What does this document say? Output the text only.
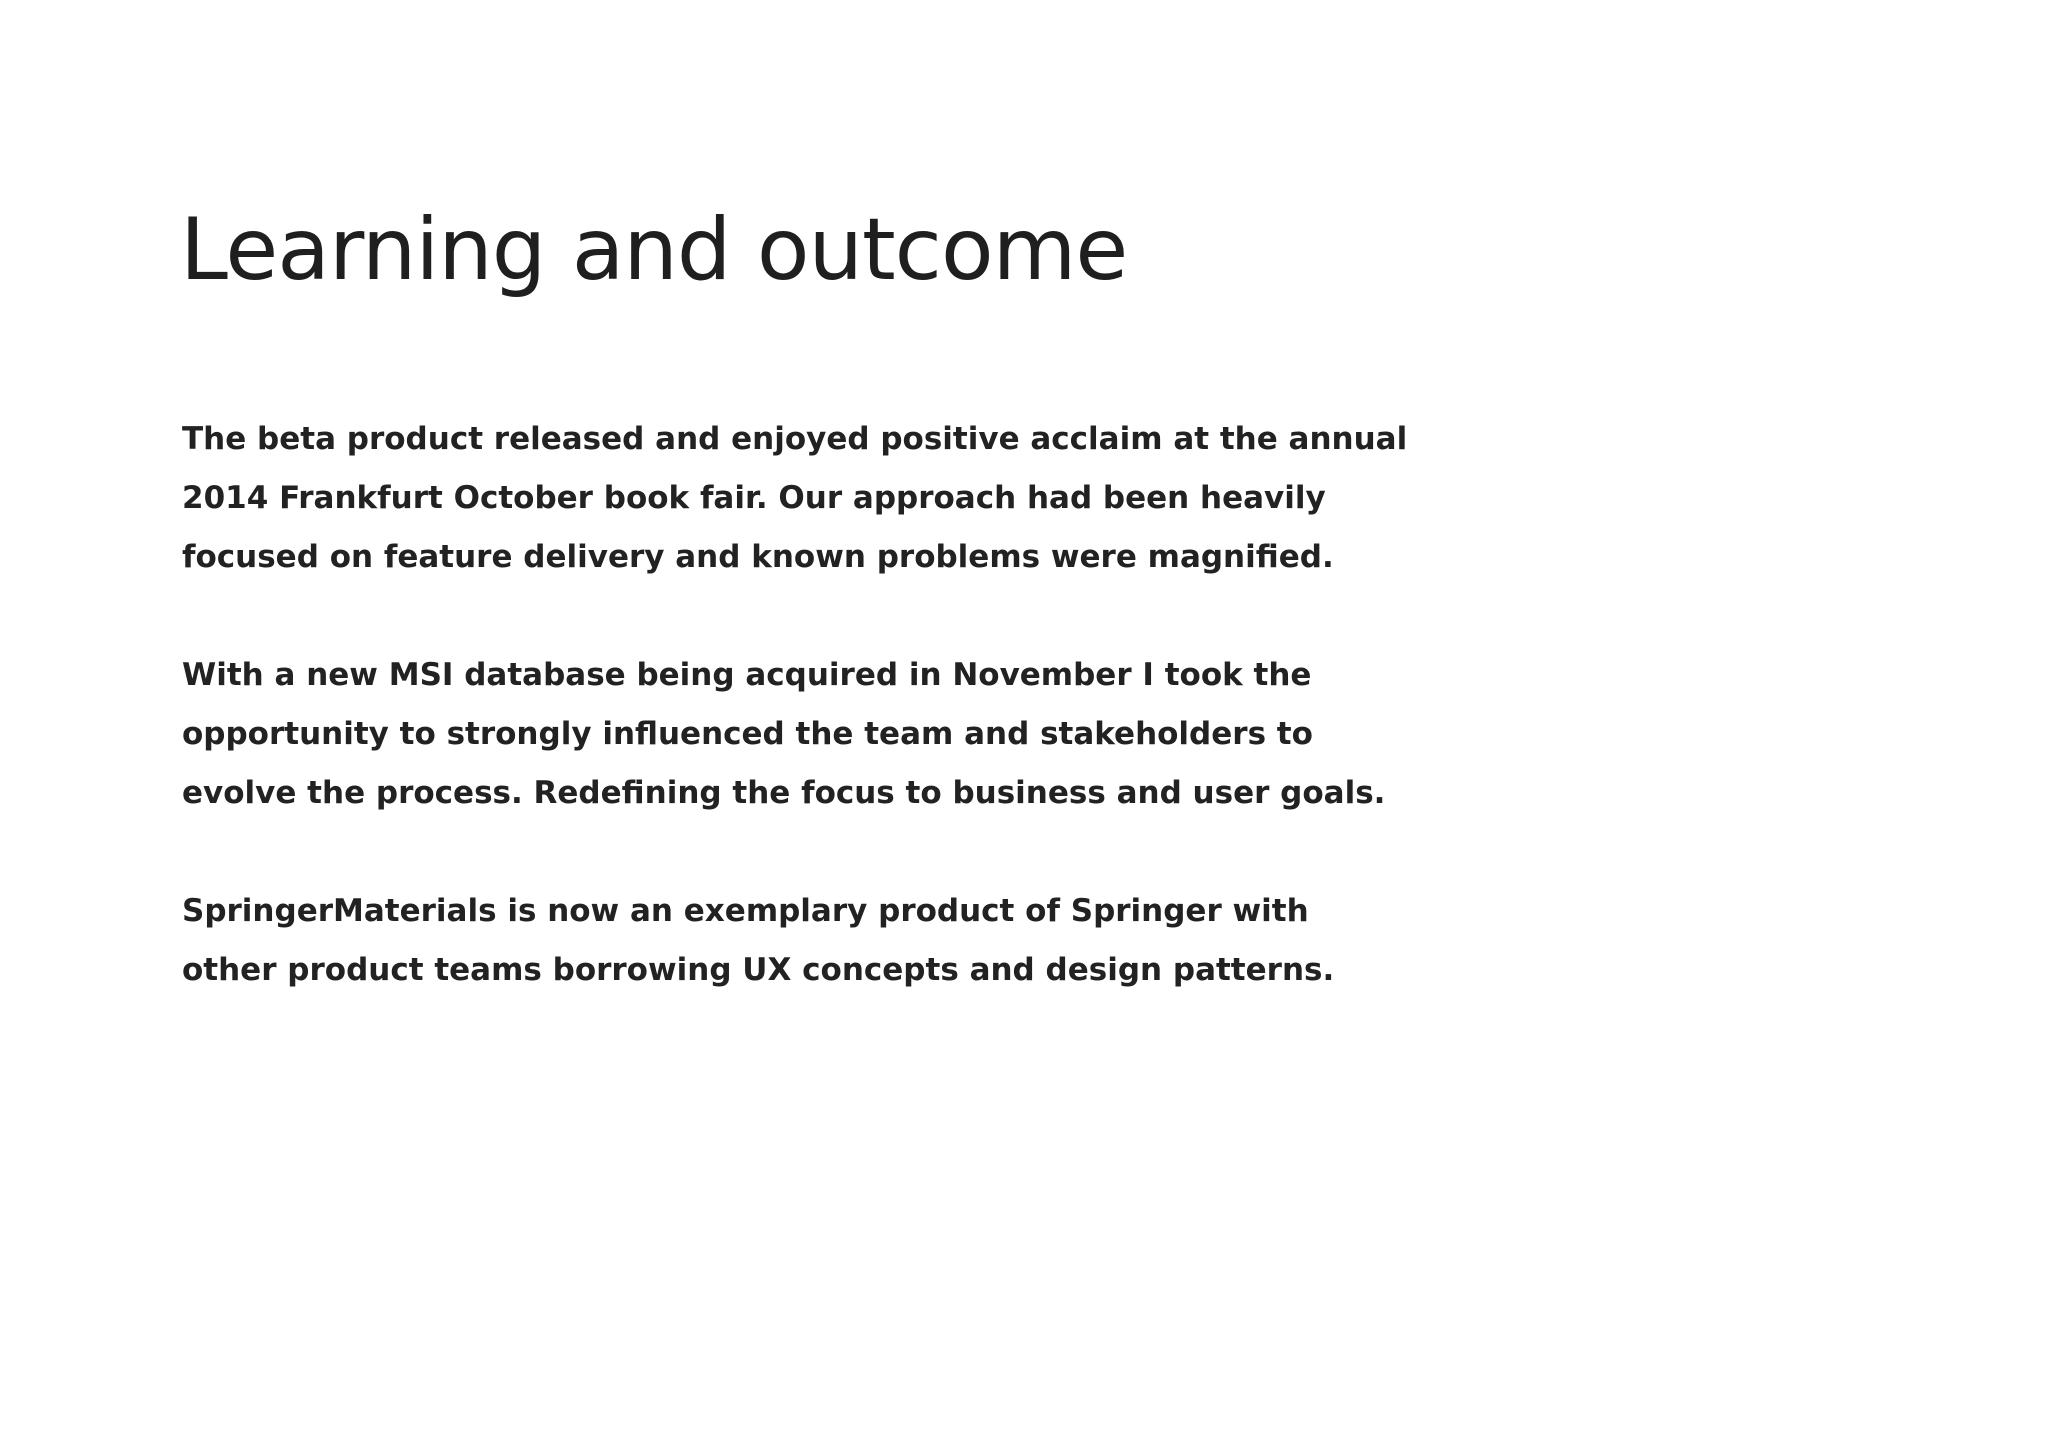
Learning and outcome

The beta product released and enjoyed positive acclaim at the annual
2014 Frankfurt October book fair. Our approach had been heavily
focused on feature delivery and known problems were magnified.

With a new MSI database being acquired in November I took the
opportunity to strongly influenced the team and stakeholders to
evolve the process. Redefining the focus to business and user goals.

SpringerMaterials is now an exemplary product of Springer with
other product teams borrowing UX concepts and design patterns.
